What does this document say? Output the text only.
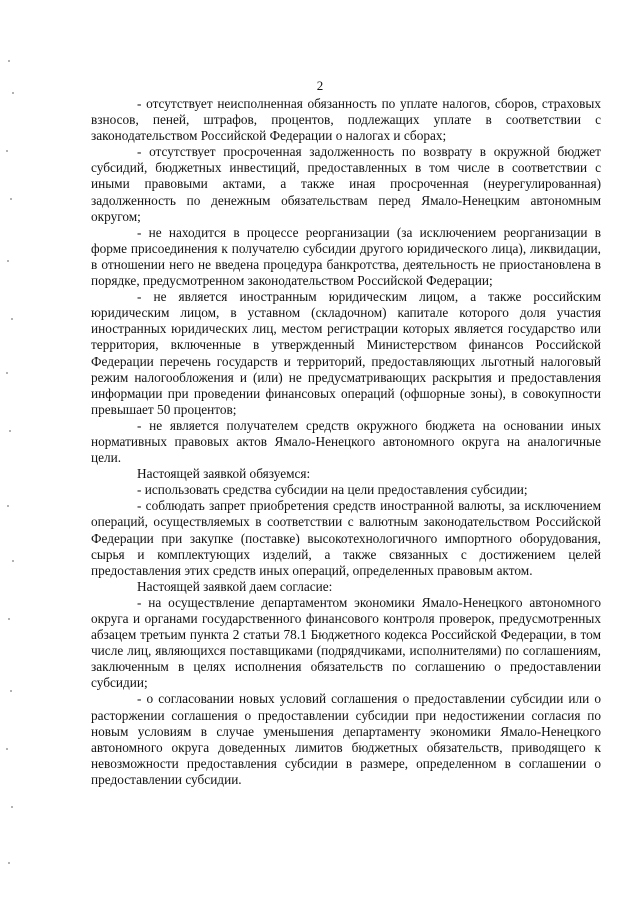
2

- отсутствует неисполненная обязанность по уплате налогов, сборов, страховых взносов, пеней, штрафов, процентов, подлежащих уплате в соответствии с законодательством Российской Федерации о налогах и сборах;

- отсутствует просроченная задолженность по возврату в окружной бюджет субсидий, бюджетных инвестиций, предоставленных в том числе в соответствии с иными правовыми актами, а также иная просроченная (неурегулированная) задолженность по денежным обязательствам перед Ямало-Ненецким автономным округом;

- не находится в процессе реорганизации (за исключением реорганизации в форме присоединения к получателю субсидии другого юридического лица), ликвидации, в отношении него не введена процедура банкротства, деятельность не приостановлена в порядке, предусмотренном законодательством Российской Федерации;

- не является иностранным юридическим лицом, а также российским юридическим лицом, в уставном (складочном) капитале которого доля участия иностранных юридических лиц, местом регистрации которых является государство или территория, включенные в утвержденный Министерством финансов Российской Федерации перечень государств и территорий, предоставляющих льготный налоговый режим налогообложения и (или) не предусматривающих раскрытия и предоставления информации при проведении финансовых операций (офшорные зоны), в совокупности превышает 50 процентов;

- не является получателем средств окружного бюджета на основании иных нормативных правовых актов Ямало-Ненецкого автономного округа на аналогичные цели.

Настоящей заявкой обязуемся:

- использовать средства субсидии на цели предоставления субсидии;

- соблюдать запрет приобретения средств иностранной валюты, за исключением операций, осуществляемых в соответствии с валютным законодательством Российской Федерации при закупке (поставке) высокотехнологичного импортного оборудования, сырья и комплектующих изделий, а также связанных с достижением целей предоставления этих средств иных операций, определенных правовым актом.

Настоящей заявкой даем согласие:

- на осуществление департаментом экономики Ямало-Ненецкого автономного округа и органами государственного финансового контроля проверок, предусмотренных абзацем третьим пункта 2 статьи 78.1 Бюджетного кодекса Российской Федерации, в том числе лиц, являющихся поставщиками (подрядчиками, исполнителями) по соглашениям, заключенным в целях исполнения обязательств по соглашению о предоставлении субсидии;

- о согласовании новых условий соглашения о предоставлении субсидии или о расторжении соглашения о предоставлении субсидии при недостижении согласия по новым условиям в случае уменьшения департаменту экономики Ямало-Ненецкого автономного округа доведенных лимитов бюджетных обязательств, приводящего к невозможности предоставления субсидии в размере, определенном в соглашении о предоставлении субсидии.
